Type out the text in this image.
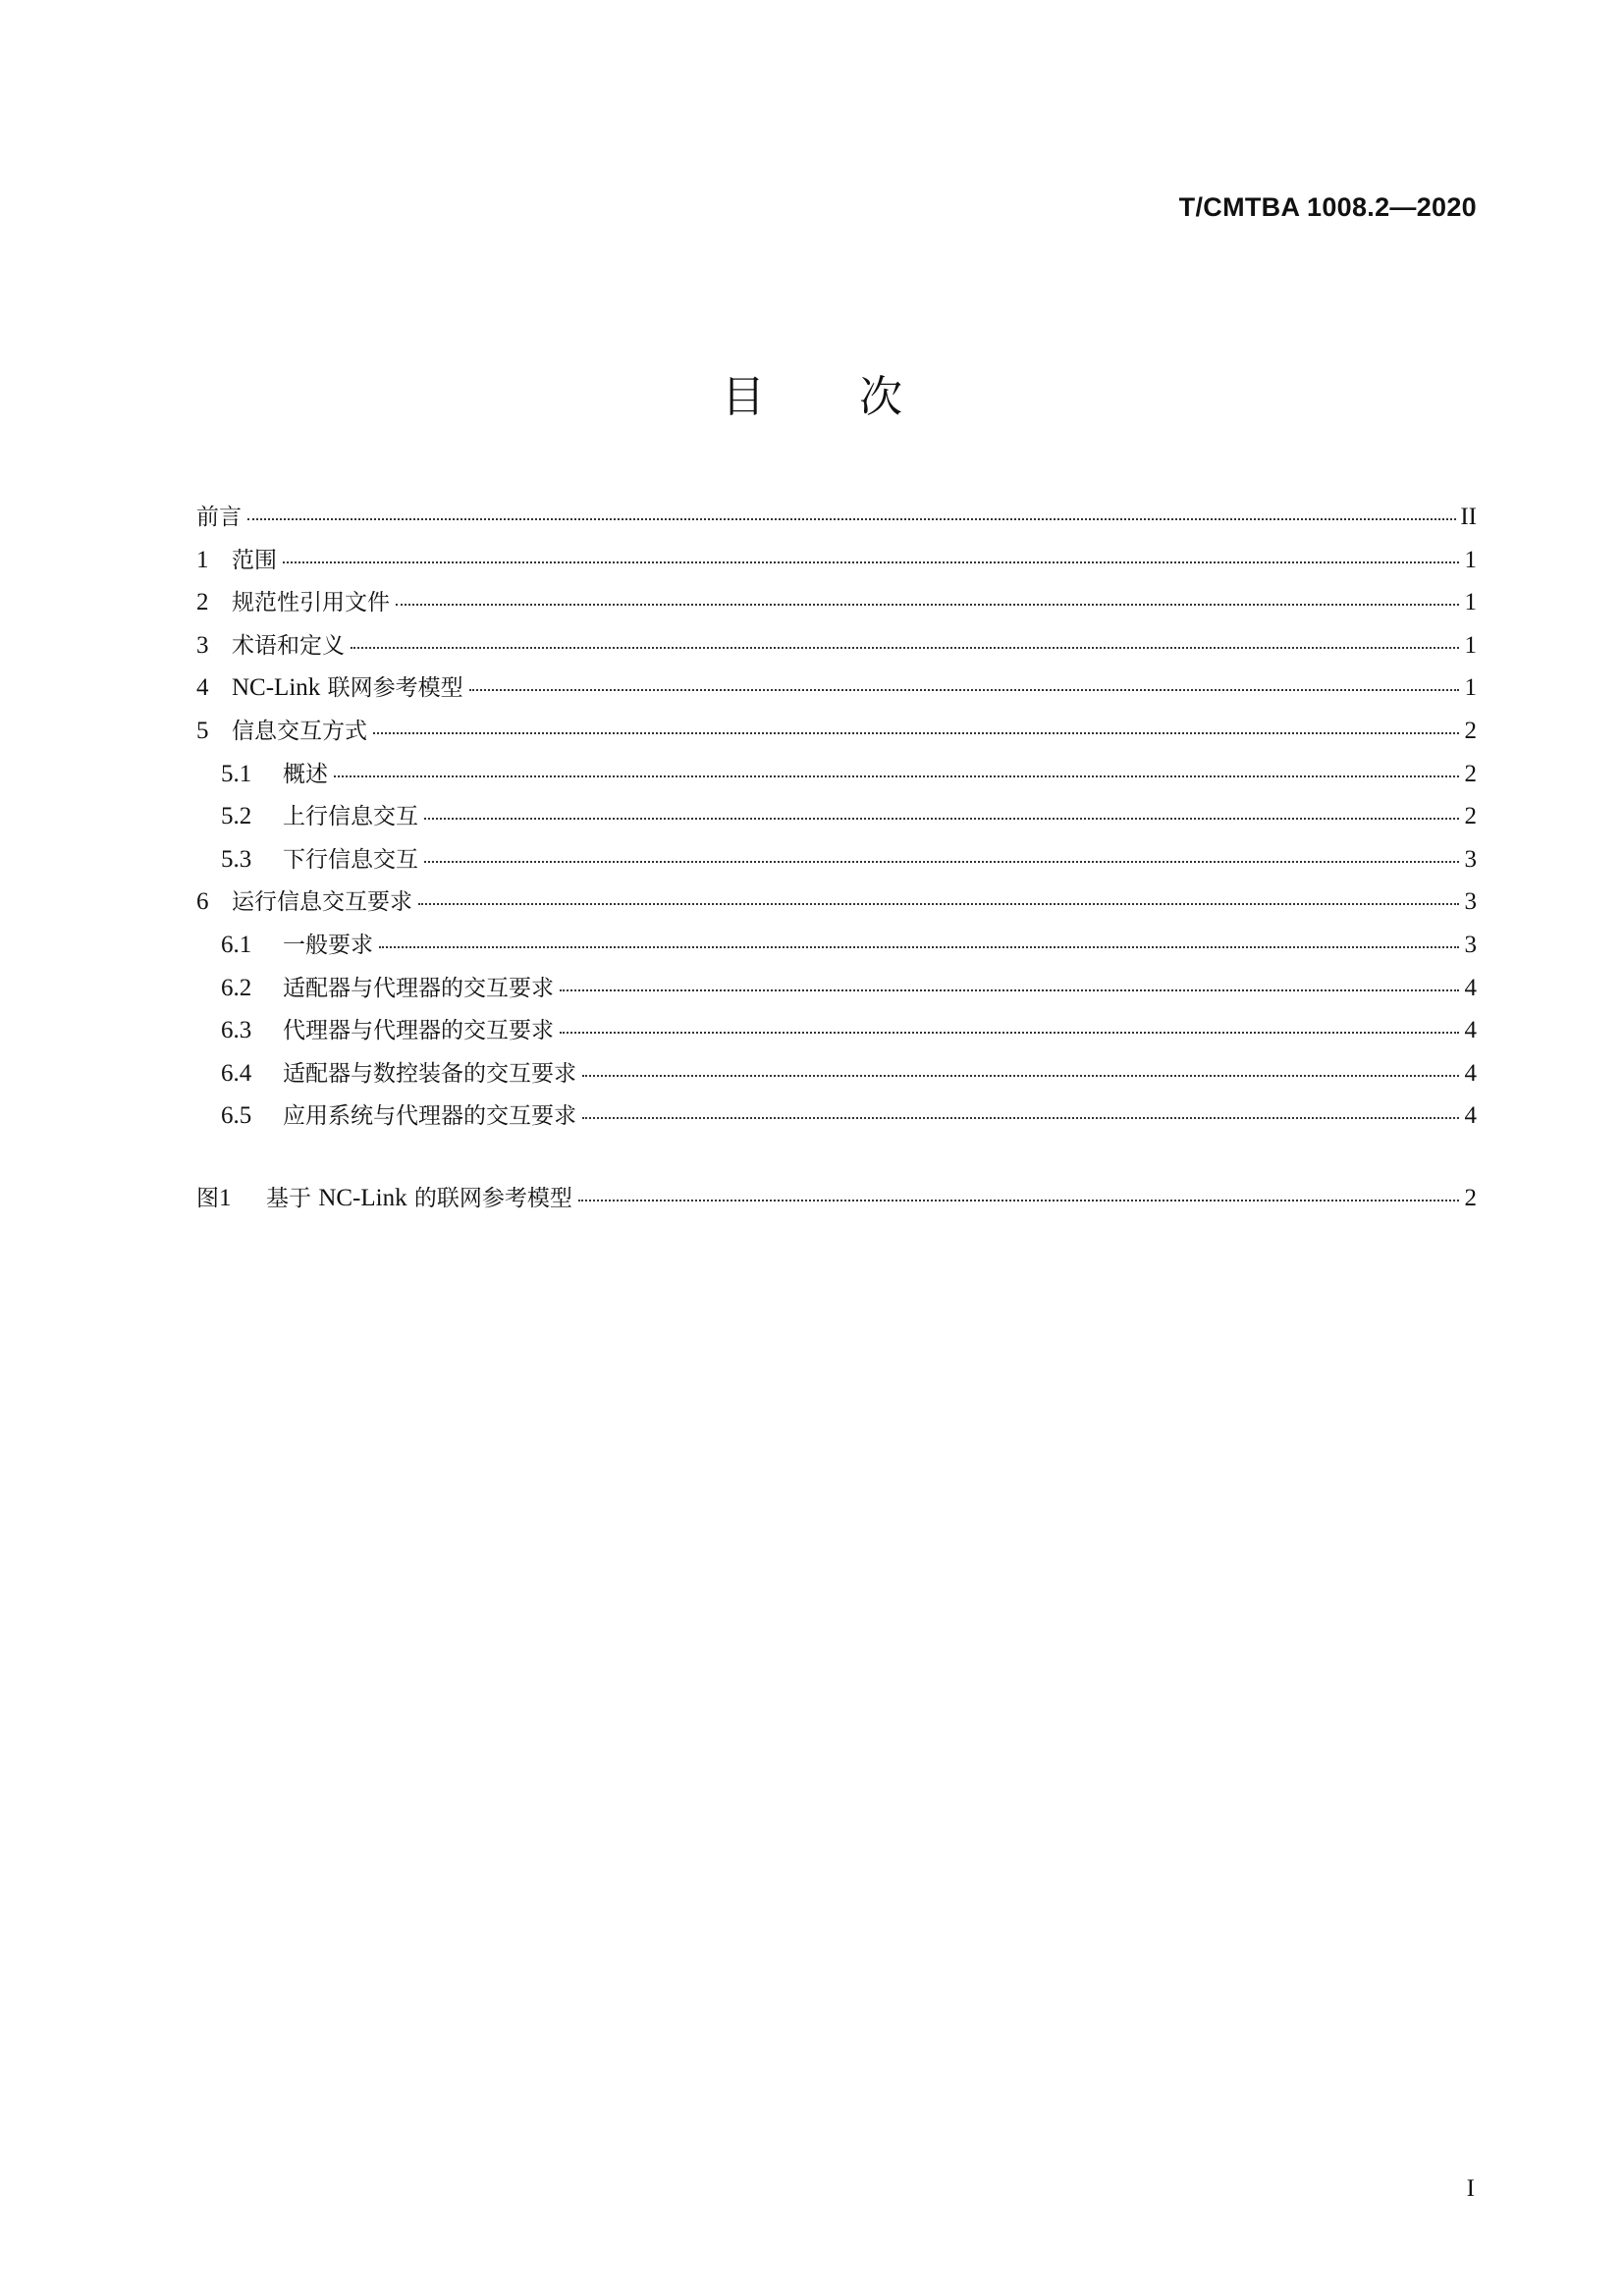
T/CMTBA 1008.2—2020
目 次
前言	II
1	范围	1
2	规范性引用文件	1
3	术语和定义	1
4 NC-Link 联网参考模型	1
5	信息交互方式	2
5.1	概述	2
5.2	上行信息交互	2
5.3	下行信息交互	3
6	运行信息交互要求	3
6.1	一般要求	3
6.2	适配器与代理器的交互要求	4
6.3	代理器与代理器的交互要求	4
6.4	适配器与数控装备的交互要求	4
6.5	应用系统与代理器的交互要求	4
图 1	基于 NC-Link 的联网参考模型	2
I
